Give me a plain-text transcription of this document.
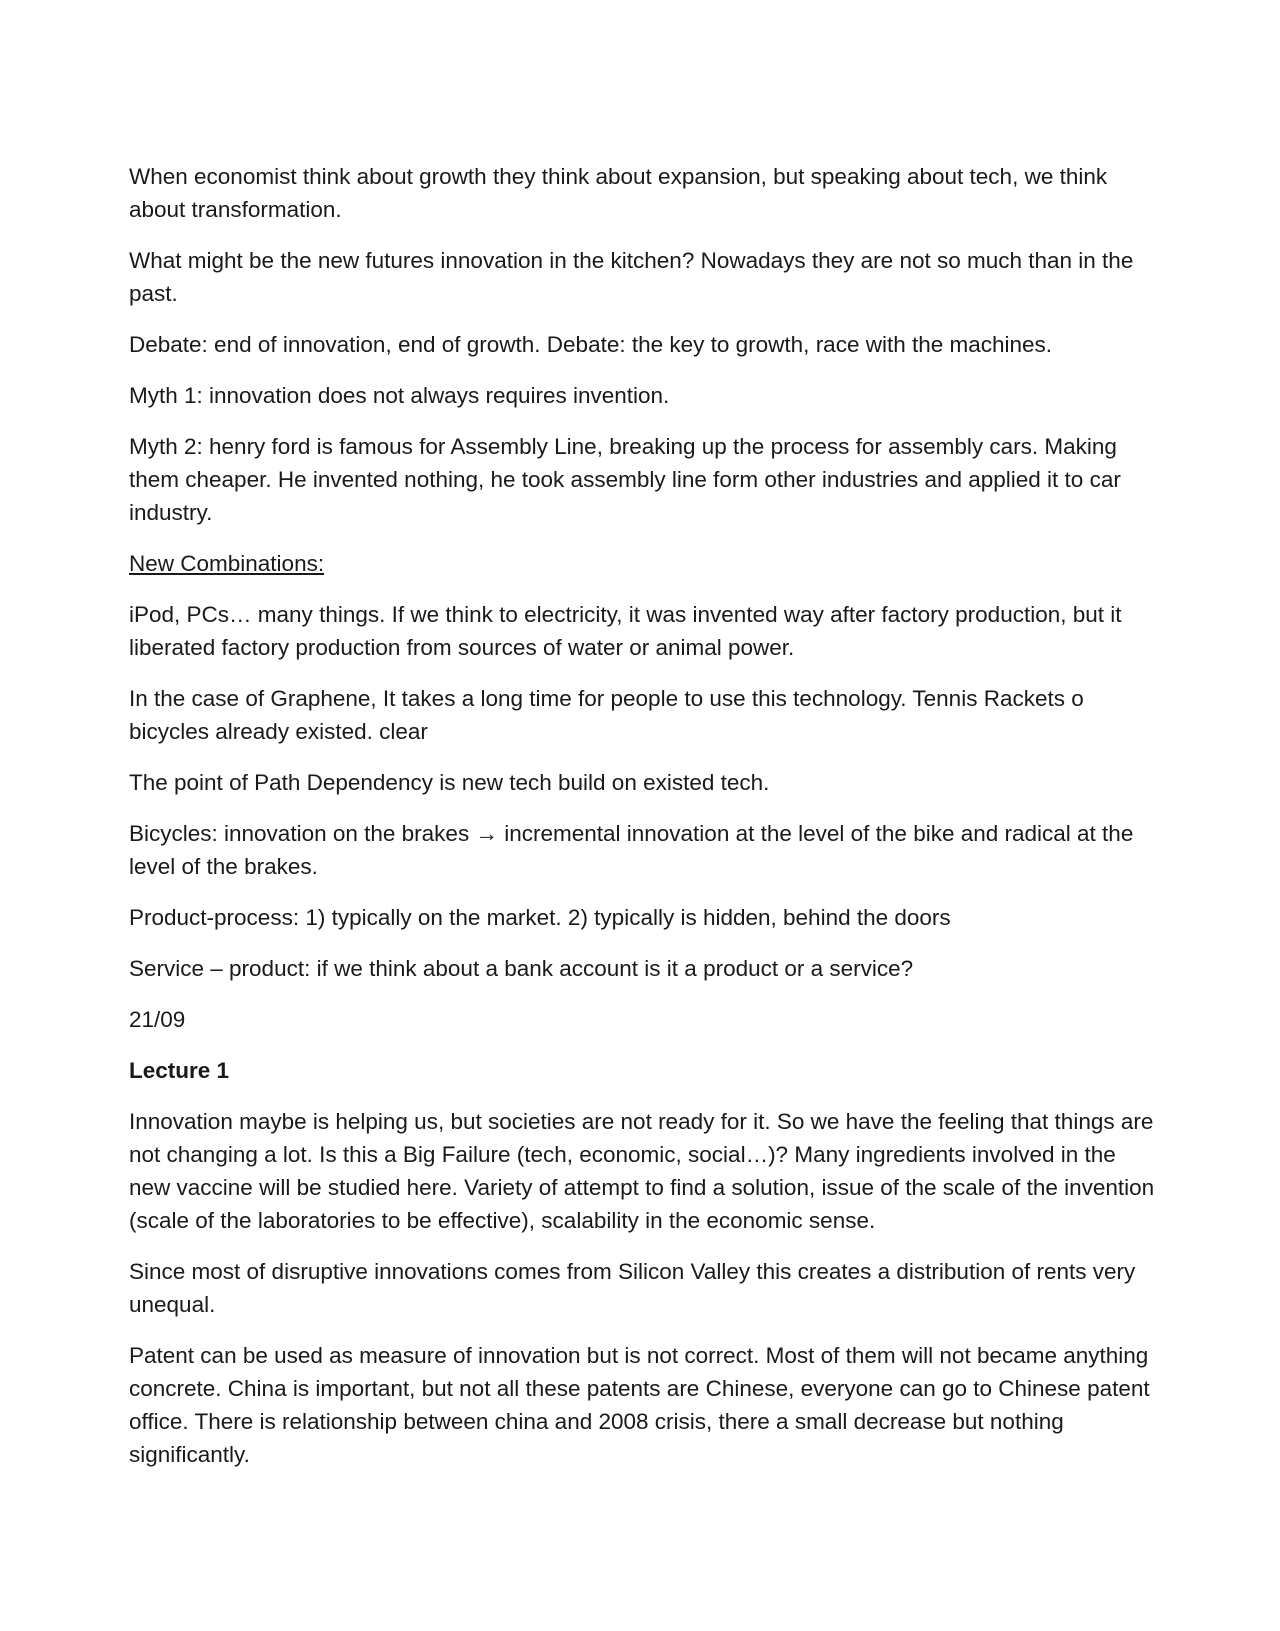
When economist think about growth they think about expansion, but speaking about tech, we think about transformation.

What might be the new futures innovation in the kitchen? Nowadays they are not so much than in the past.

Debate: end of innovation, end of growth. Debate: the key to growth, race with the machines.

Myth 1: innovation does not always requires invention.

Myth 2: henry ford is famous for Assembly Line, breaking up the process for assembly cars. Making them cheaper. He invented nothing, he took assembly line form other industries and applied it to car industry.

New Combinations:

iPod, PCs… many things. If we think to electricity, it was invented way after factory production, but it liberated factory production from sources of water or animal power.

In the case of Graphene, It takes a long time for people to use this technology. Tennis Rackets o bicycles already existed. clear

The point of Path Dependency is new tech build on existed tech.

Bicycles: innovation on the brakes → incremental innovation at the level of the bike and radical at the level of the brakes.

Product-process: 1) typically on the market. 2) typically is hidden, behind the doors

Service – product: if we think about a bank account is it a product or a service?

21/09

Lecture 1

Innovation maybe is helping us, but societies are not ready for it. So we have the feeling that things are not changing a lot. Is this a Big Failure (tech, economic, social…)? Many ingredients involved in the new vaccine will be studied here. Variety of attempt to find a solution, issue of the scale of the invention (scale of the laboratories to be effective), scalability in the economic sense.

Since most of disruptive innovations comes from Silicon Valley this creates a distribution of rents very unequal.

Patent can be used as measure of innovation but is not correct. Most of them will not became anything concrete. China is important, but not all these patents are Chinese, everyone can go to Chinese patent office. There is relationship between china and 2008 crisis, there a small decrease but nothing significantly.
